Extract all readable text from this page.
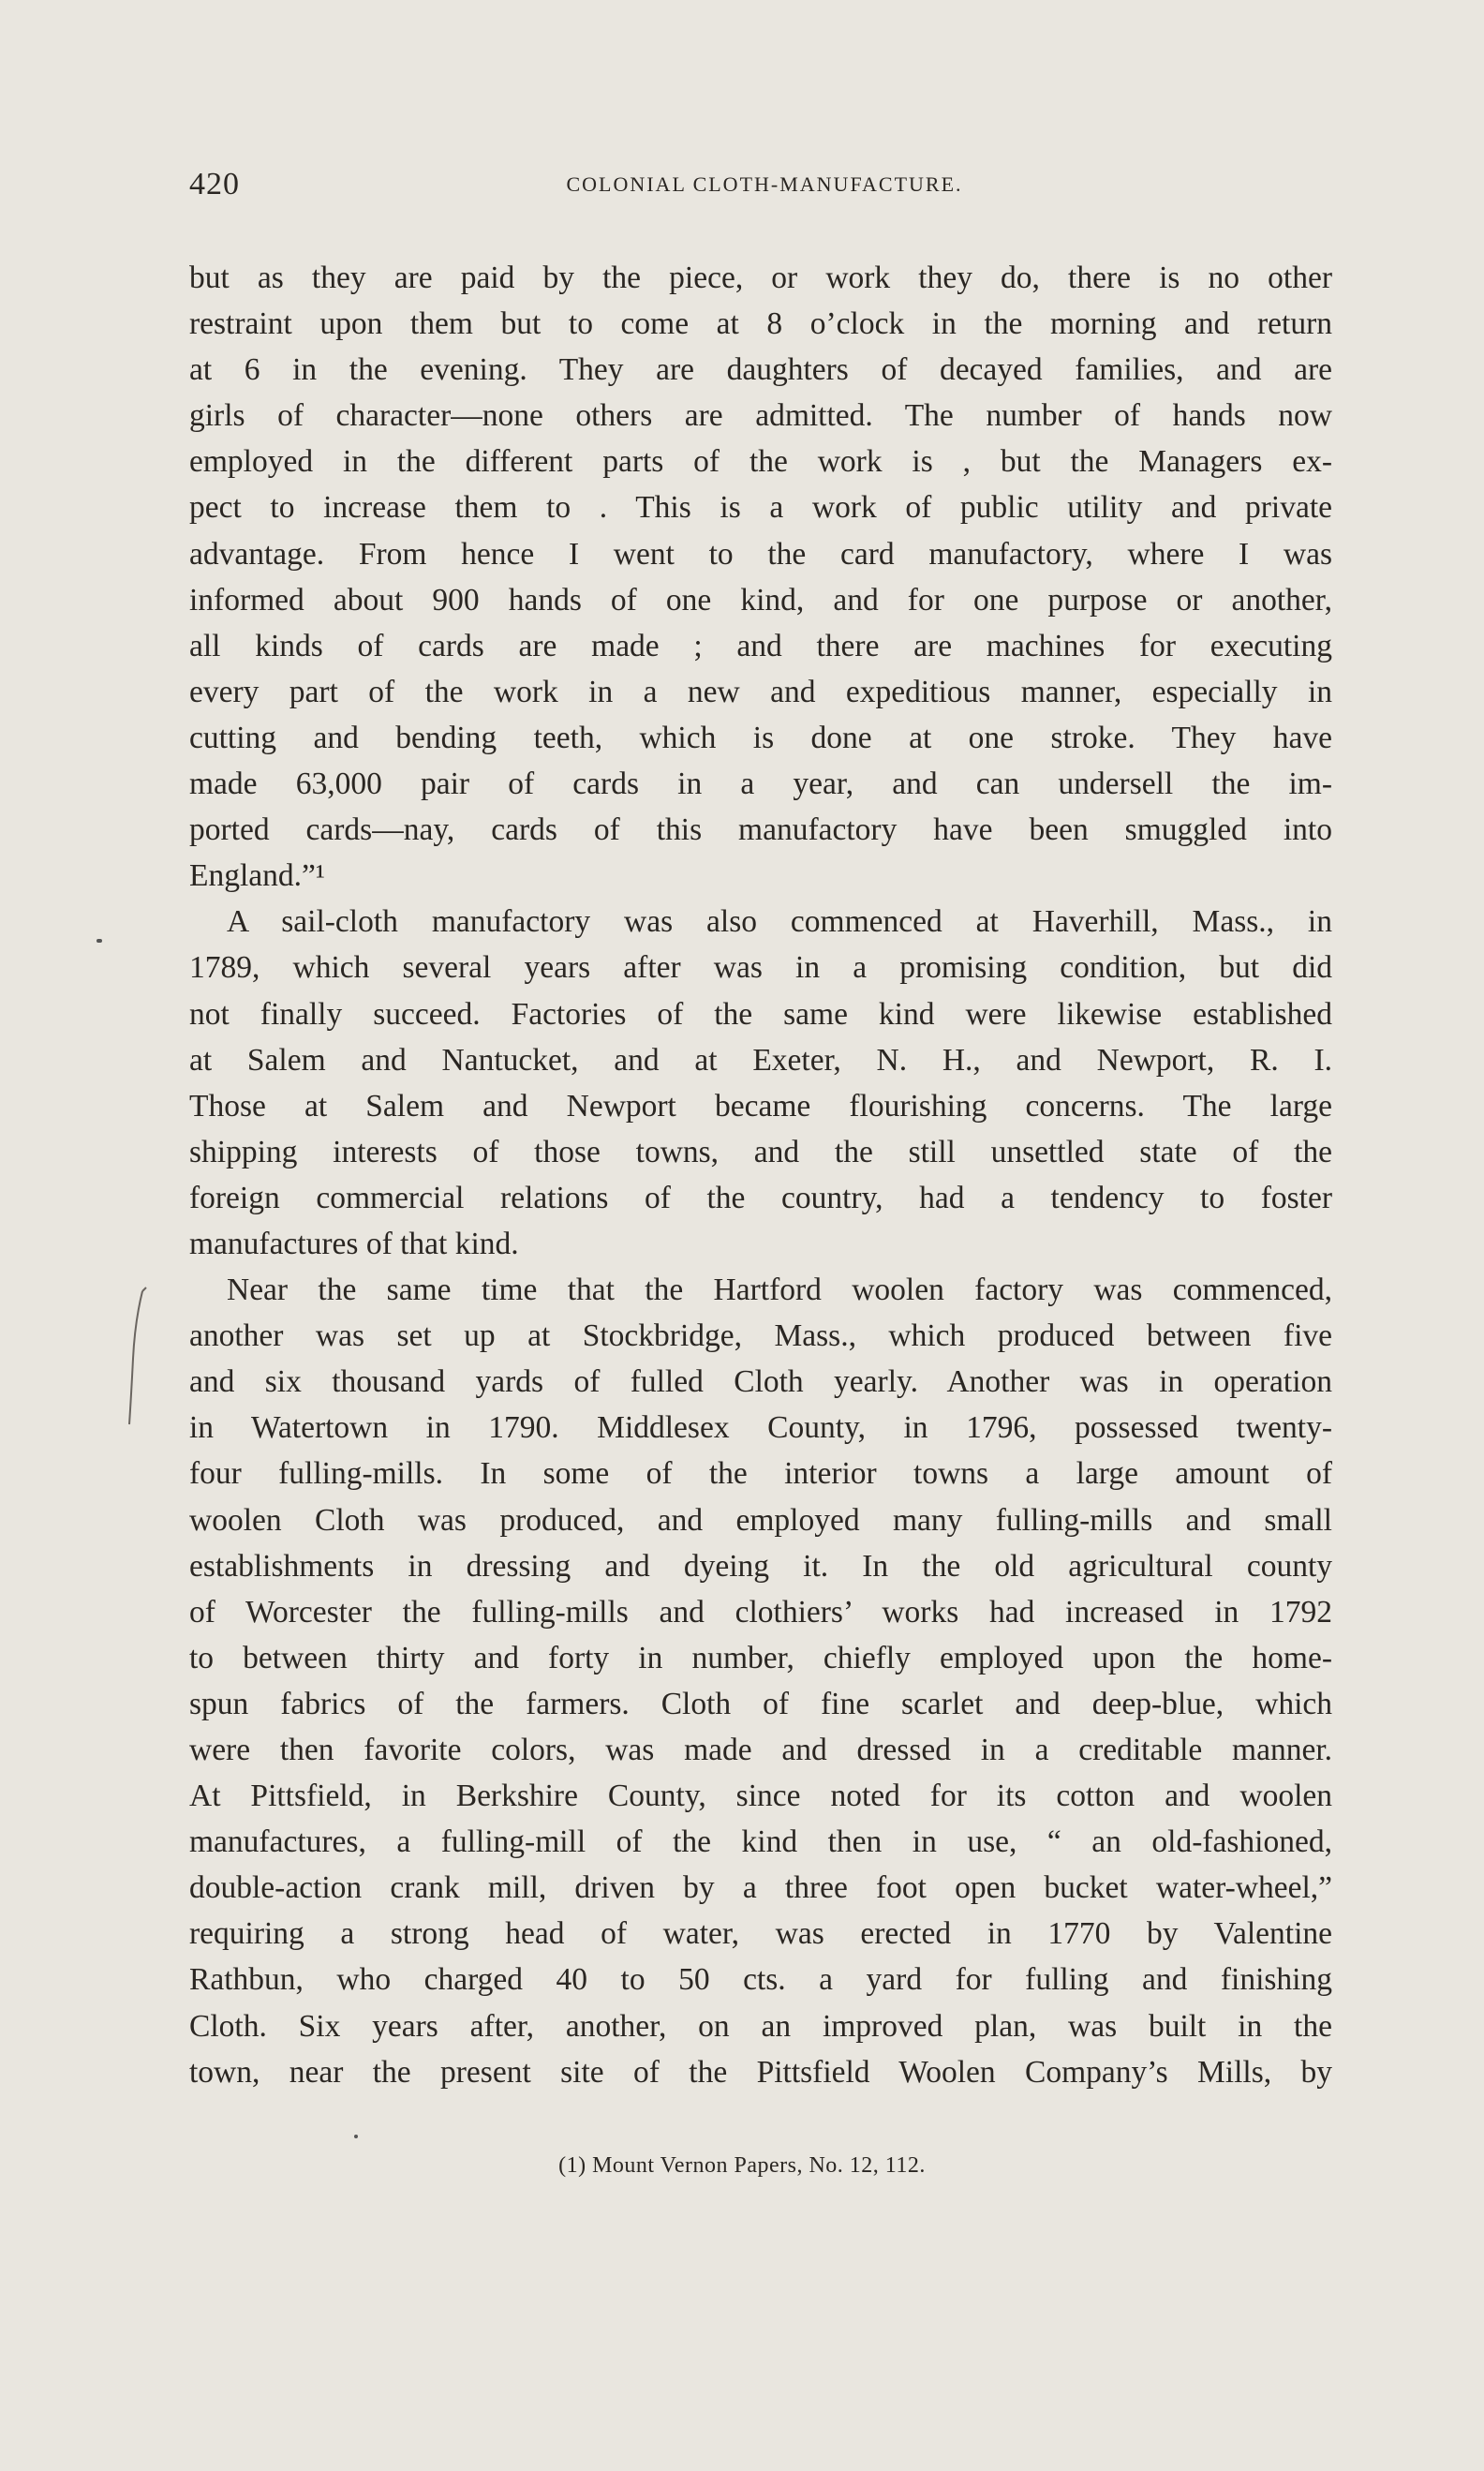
420	COLONIAL CLOTH-MANUFACTURE.
but as they are paid by the piece, or work they do, there is no other
restraint upon them but to come at 8 o’clock in the morning and return
at 6 in the evening. They are daughters of decayed families, and are
girls of character—none others are admitted. The number of hands now
employed in the different parts of the work is , but the Managers ex-
pect to increase them to . This is a work of public utility and private
advantage. From hence I went to the card manufactory, where I was
informed about 900 hands of one kind, and for one purpose or another,
all kinds of cards are made ; and there are machines for executing
every part of the work in a new and expeditious manner, especially in
cutting and bending teeth, which is done at one stroke. They have
made 63,000 pair of cards in a year, and can undersell the im-
ported cards—nay, cards of this manufactory have been smuggled into
England.”¹
A sail-cloth manufactory was also commenced at Haverhill, Mass., in
1789, which several years after was in a promising condition, but did
not finally succeed. Factories of the same kind were likewise established
at Salem and Nantucket, and at Exeter, N. H., and Newport, R. I.
Those at Salem and Newport became flourishing concerns. The large
shipping interests of those towns, and the still unsettled state of the
foreign commercial relations of the country, had a tendency to foster
manufactures of that kind.
Near the same time that the Hartford woolen factory was commenced,
another was set up at Stockbridge, Mass., which produced between five
and six thousand yards of fulled Cloth yearly. Another was in operation
in Watertown in 1790. Middlesex County, in 1796, possessed twenty-
four fulling-mills. In some of the interior towns a large amount of
woolen Cloth was produced, and employed many fulling-mills and small
establishments in dressing and dyeing it. In the old agricultural county
of Worcester the fulling-mills and clothiers’ works had increased in 1792
to between thirty and forty in number, chiefly employed upon the home-
spun fabrics of the farmers. Cloth of fine scarlet and deep-blue, which
were then favorite colors, was made and dressed in a creditable manner.
At Pittsfield, in Berkshire County, since noted for its cotton and woolen
manufactures, a fulling-mill of the kind then in use, “ an old-fashioned,
double-action crank mill, driven by a three foot open bucket water-wheel,”
requiring a strong head of water, was erected in 1770 by Valentine
Rathbun, who charged 40 to 50 cts. a yard for fulling and finishing
Cloth. Six years after, another, on an improved plan, was built in the
town, near the present site of the Pittsfield Woolen Company’s Mills, by
(1) Mount Vernon Papers, No. 12, 112.
